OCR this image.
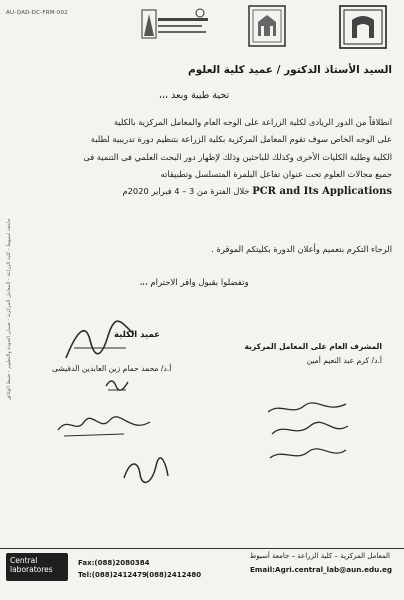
AU-QAD-DC-FRM-002
جامعة أسيوط - كلية الزراعة - المعامل المركزية - ضمان الجودة والتطوير - ضبط الوثائق
السيد الأستاذ الدكتور / عميد كلية العلوم
تحية طيبة وبعد ،،،

انطلاقاً من الدور الريادى لكلية الزراعة على الوجه العام والمعامل المركزية بالكلية

على الوجه الخاص سوف تقوم المعامل المركزية بكلية الزراعة بتنظيم دورة تدريبية لطلبة

الكلية وطلبة الكليات الأخرى وكذلك للباحثين وذلك لإظهار دور البحث العلمي فى التنمية فى

جميع مجالات العلوم تحت عنوان تفاعل البلمرة المتسلسل وتطبيقاته

PCR and Its Applications خلال الفترة من 3 – 4 فبراير 2020م

الرجاء التكرم بتعميم وأعلان الدورة بكليتكم الموقرة .
وتفضلوا بقبول وافر الاحترام ،،،
المشرف العام على المعامل المركزية
أ.د/ كرم عبد النعيم أمين
عميد الكلية
أ.د/ محمد حمام زين العابدين الدقيشى
Central
laboratores
المعامل المركزية – كلية الزراعة – جامعة أسيوط
Fax:(088)2080384
Tel:(088)2412479 (088)2412480
Email:Agri.central_lab@aun.edu.eg
